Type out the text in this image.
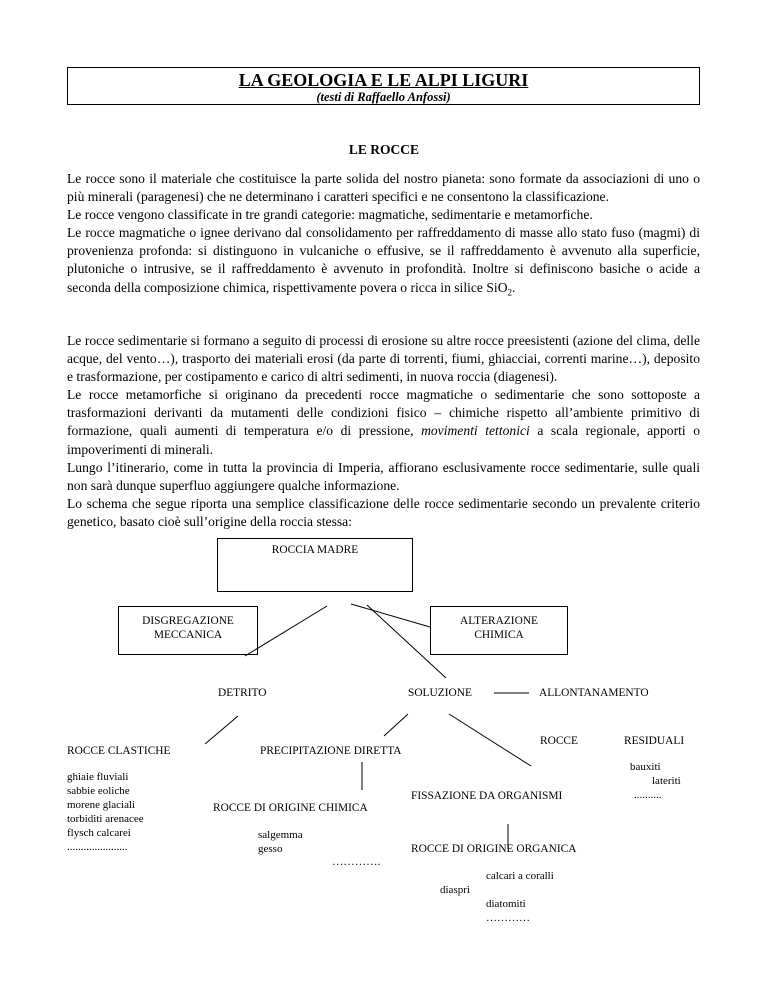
LA GEOLOGIA E LE ALPI LIGURI
(testi di Raffaello Anfossi)
LE ROCCE

Le rocce sono il materiale che costituisce la parte solida del nostro pianeta: sono formate da associazioni di uno o più minerali (paragenesi) che ne determinano i caratteri specifici e ne consentono la classificazione.

Le rocce vengono classificate in tre grandi categorie: magmatiche, sedimentarie e metamorfiche.

Le rocce magmatiche o ignee derivano dal consolidamento per raffreddamento di masse allo stato fuso (magmi) di provenienza profonda: si distinguono in vulcaniche o effusive, se il raffreddamento è avvenuto alla superficie, plutoniche o intrusive, se il raffreddamento è avvenuto in profondità. Inoltre si definiscono basiche o acide a seconda della composizione chimica, rispettivamente povera o ricca in silice SiO$_2$.

Le rocce sedimentarie si formano a seguito di processi di erosione su altre rocce preesistenti (azione del clima, delle acque, del vento…), trasporto dei materiali erosi (da parte di torrenti, fiumi, ghiacciai, correnti marine…), deposito e trasformazione, per costipamento e carico di altri sedimenti, in nuova roccia (diagenesi).

Le rocce metamorfiche si originano da precedenti rocce magmatiche o sedimentarie che sono sottoposte a trasformazioni derivanti da mutamenti delle condizioni fisico – chimiche rispetto all’ambiente primitivo di formazione, quali aumenti di temperatura e/o di pressione, movimenti tettonici a scala regionale, apporti o impoverimenti di minerali.

Lungo l’itinerario, come in tutta la provincia di Imperia, affiorano esclusivamente rocce sedimentarie, sulle quali non sarà dunque superfluo aggiungere qualche informazione.

Lo schema che segue riporta una semplice classificazione delle rocce sedimentarie secondo un prevalente criterio genetico, basato cioè sull’origine della roccia stessa:

ROCCIA MADRE
DISGREGAZIONE
MECCANICA
ALTERAZIONE
CHIMICA
DETRITO	SOLUZIONE	ALLONTANAMENTO
ROCCE	RESIDUALI
ROCCE CLASTICHE	PRECIPITAZIONE DIRETTA
ghiaie fluviali
sabbie eoliche
morene glaciali
torbiditi arenacee
flysch calcarei
......................
bauxiti
lateriti
..........
FISSAZIONE DA ORGANISMI
ROCCE DI ORIGINE CHIMICA
salgemma
gesso
………….
ROCCE DI ORIGINE ORGANICA
calcari a coralli
diaspri
diatomiti
…………
